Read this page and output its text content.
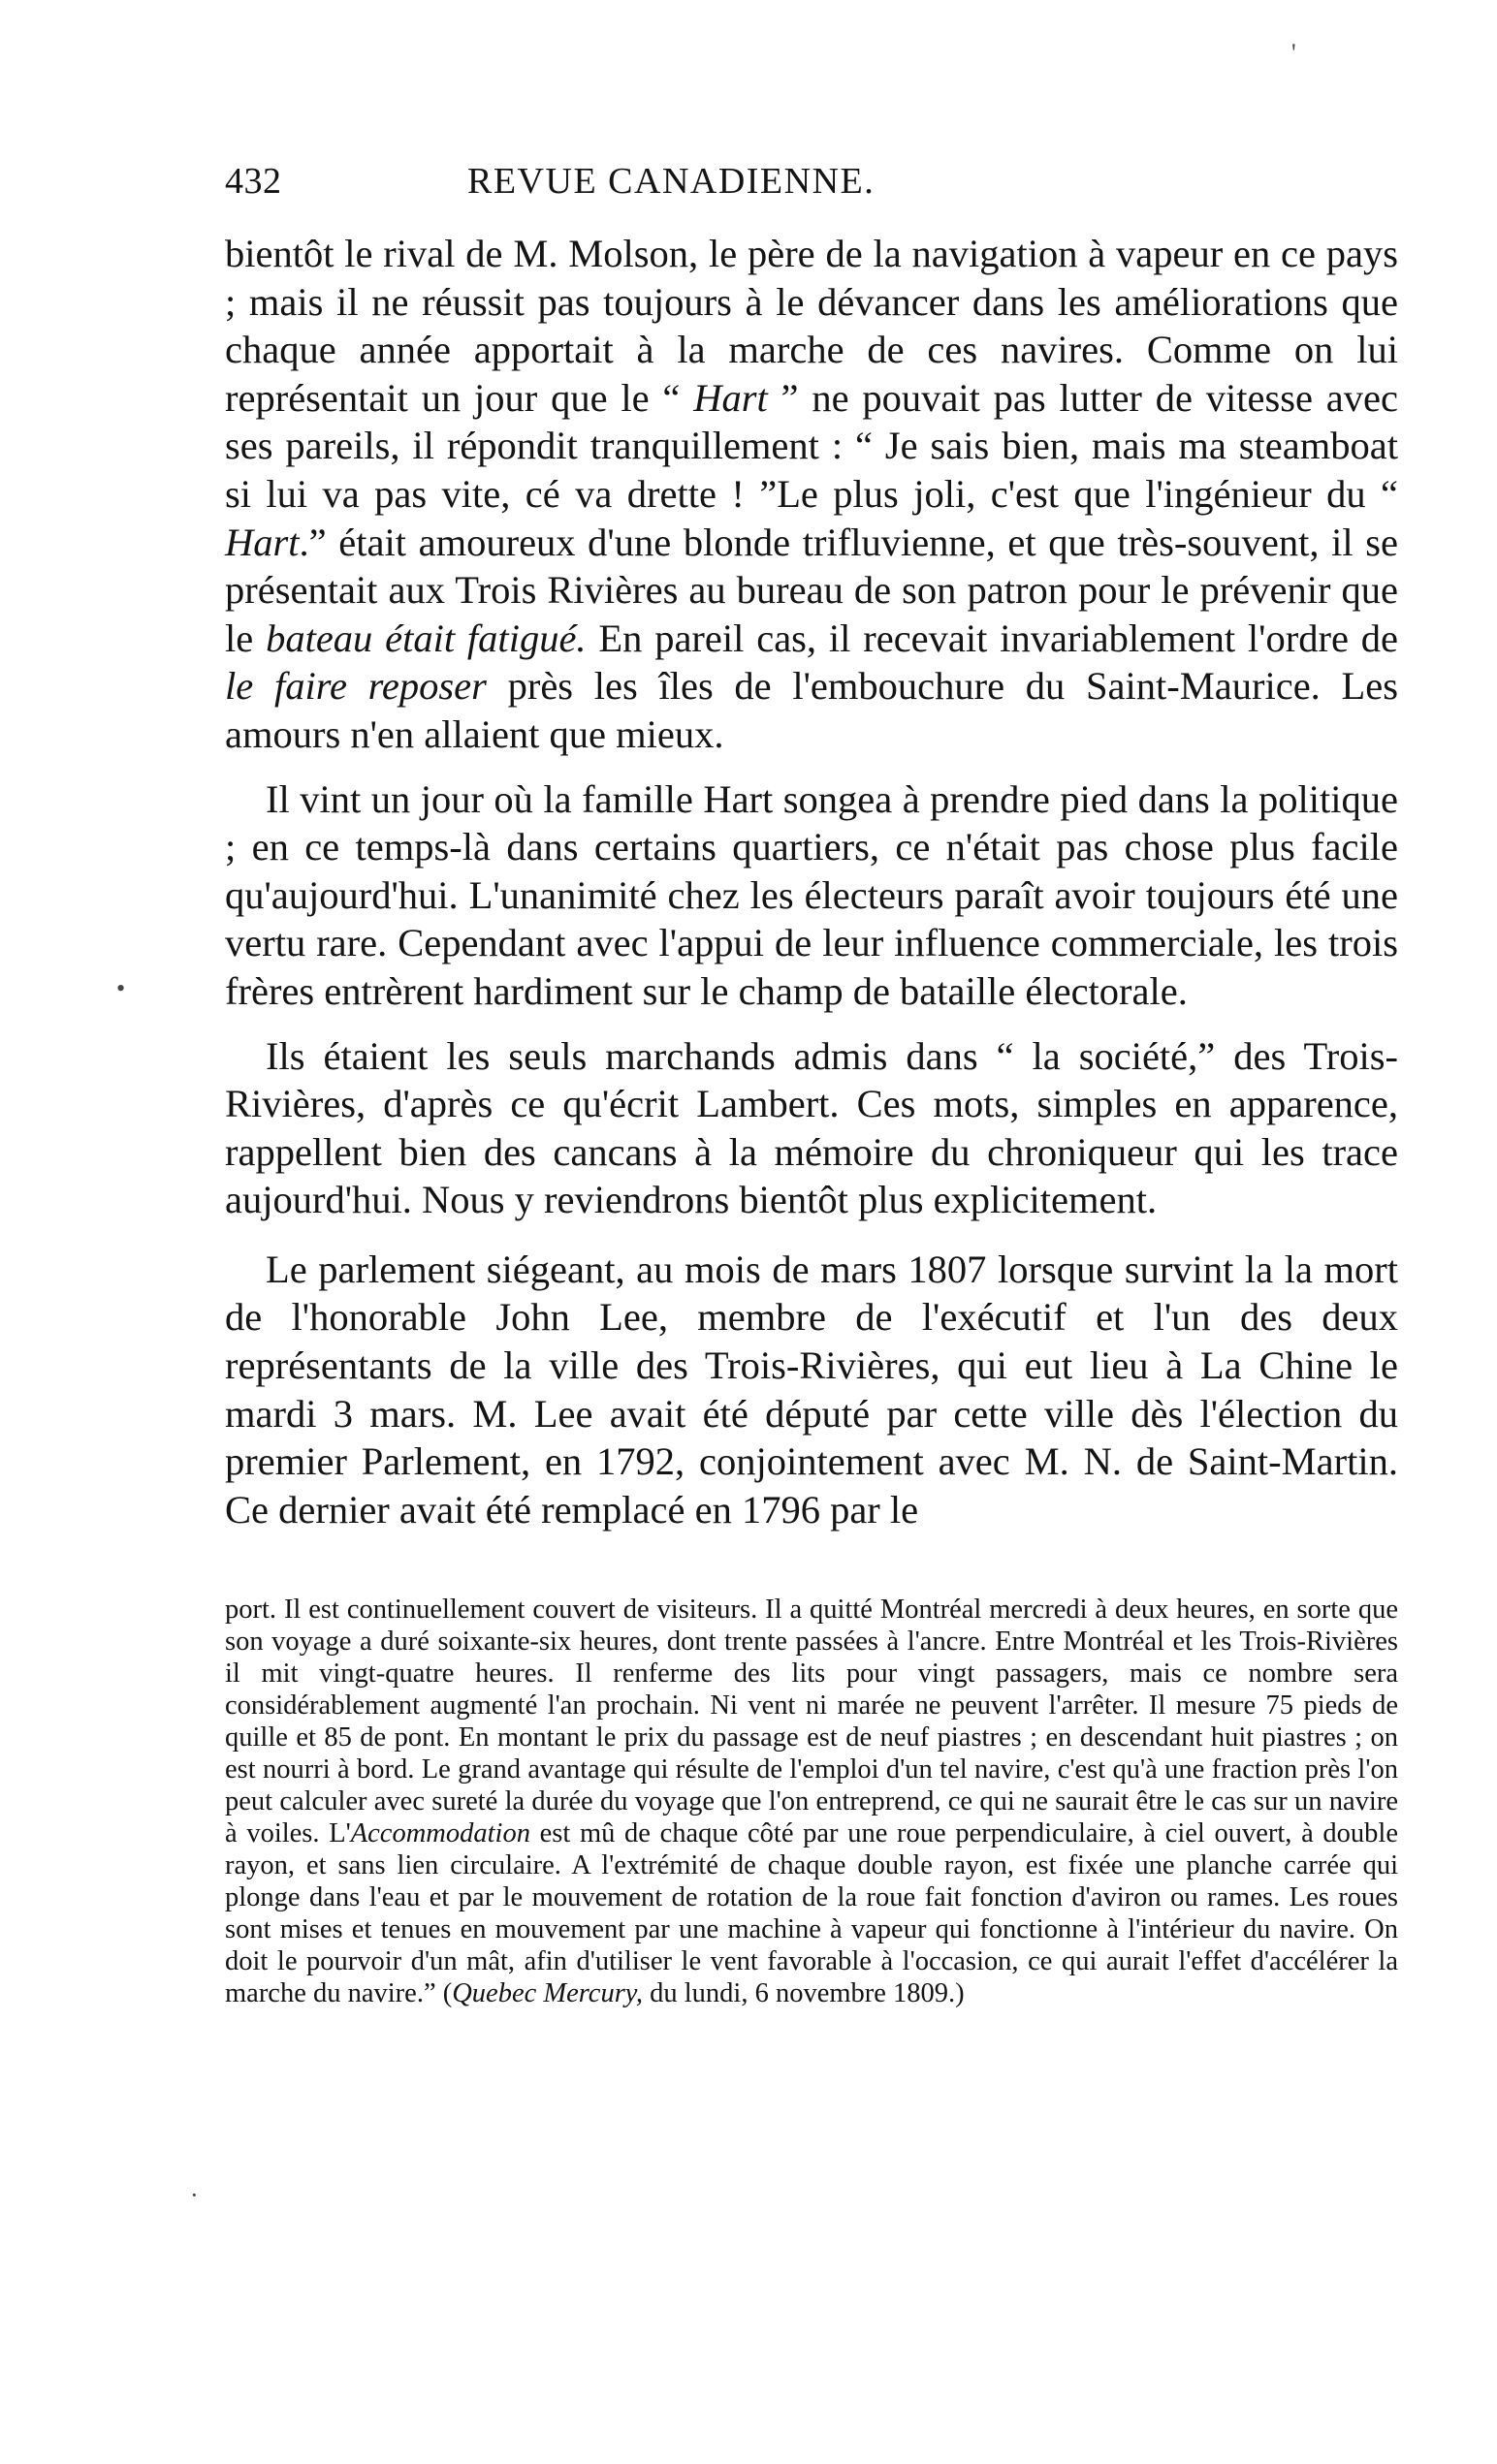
432	REVUE CANADIENNE.

bientôt le rival de M. Molson, le père de la navigation à vapeur en ce pays ; mais il ne réussit pas toujours à le dévancer dans les améliorations que chaque année apportait à la marche de ces navires. Comme on lui représentait un jour que le “ Hart ” ne pouvait pas lutter de vitesse avec ses pareils, il répondit tranquillement : “ Je sais bien, mais ma steamboat si lui va pas vite, cé va drette ! ”Le plus joli, c'est que l'ingénieur du “ Hart.” était amoureux d'une blonde trifluvienne, et que très-souvent, il se présentait aux Trois Rivières au bureau de son patron pour le prévenir que le bateau était fatigué. En pareil cas, il recevait invariablement l'ordre de le faire reposer près les îles de l'embouchure du Saint-Maurice. Les amours n'en allaient que mieux.

Il vint un jour où la famille Hart songea à prendre pied dans la politique ; en ce temps-là dans certains quartiers, ce n'était pas chose plus facile qu'aujourd'hui. L'unanimité chez les électeurs paraît avoir toujours été une vertu rare. Cependant avec l'appui de leur influence commerciale, les trois frères entrèrent hardiment sur le champ de bataille électorale.

Ils étaient les seuls marchands admis dans “ la société,” des Trois-Rivières, d'après ce qu'écrit Lambert. Ces mots, simples en apparence, rappellent bien des cancans à la mémoire du chroniqueur qui les trace aujourd'hui. Nous y reviendrons bientôt plus explicitement.

Le parlement siégeant, au mois de mars 1807 lorsque survint la la mort de l'honorable John Lee, membre de l'exécutif et l'un des deux représentants de la ville des Trois-Rivières, qui eut lieu à La Chine le mardi 3 mars. M. Lee avait été député par cette ville dès l'élection du premier Parlement, en 1792, conjointement avec M. N. de Saint-Martin. Ce dernier avait été remplacé en 1796 par le

port. Il est continuellement couvert de visiteurs. Il a quitté Montréal mercredi à deux heures, en sorte que son voyage a duré soixante-six heures, dont trente passées à l'ancre. Entre Montréal et les Trois-Rivières il mit vingt-quatre heures. Il renferme des lits pour vingt passagers, mais ce nombre sera considérablement augmenté l'an prochain. Ni vent ni marée ne peuvent l'arrêter. Il mesure 75 pieds de quille et 85 de pont. En montant le prix du passage est de neuf piastres ; en descendant huit piastres ; on est nourri à bord. Le grand avantage qui résulte de l'emploi d'un tel navire, c'est qu'à une fraction près l'on peut calculer avec sureté la durée du voyage que l'on entreprend, ce qui ne saurait être le cas sur un navire à voiles. L'Accommodation est mû de chaque côté par une roue perpendiculaire, à ciel ouvert, à double rayon, et sans lien circulaire. A l'extrémité de chaque double rayon, est fixée une planche carrée qui plonge dans l'eau et par le mouvement de rotation de la roue fait fonction d'aviron ou rames. Les roues sont mises et tenues en mouvement par une machine à vapeur qui fonctionne à l'intérieur du navire. On doit le pourvoir d'un mât, afin d'utiliser le vent favorable à l'occasion, ce qui aurait l'effet d'accélérer la marche du navire.” (Quebec Mercury, du lundi, 6 novembre 1809.)
'
•
·
